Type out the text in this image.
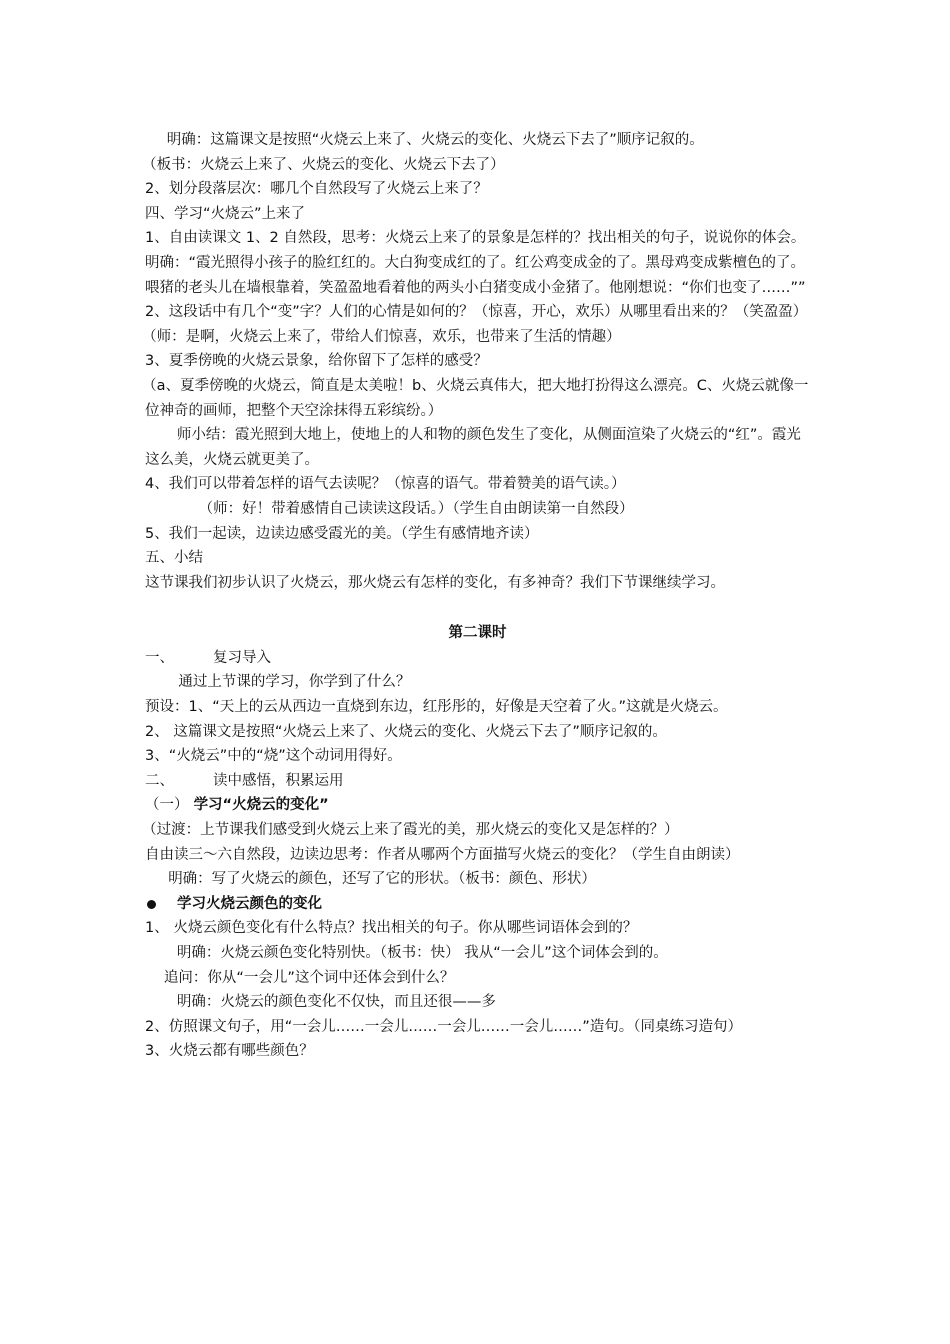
明确：这篇课文是按照“火烧云上来了、火烧云的变化、火烧云下去了”顺序记叙的。

（板书：火烧云上来了、火烧云的变化、火烧云下去了）

2、划分段落层次：哪几个自然段写了火烧云上来了？

四、学习“火烧云”上来了

1、自由读课文 1、2 自然段，思考：火烧云上来了的景象是怎样的？找出相关的句子，说说你的体会。

明确：“霞光照得小孩子的脸红红的。大白狗变成红的了。红公鸡变成金的了。黑母鸡变成紫檀色的了。喂猪的老头儿在墙根靠着，笑盈盈地看着他的两头小白猪变成小金猪了。他刚想说：“你们也变了……””

2、这段话中有几个“变”字？人们的心情是如何的？（惊喜，开心，欢乐）从哪里看出来的？（笑盈盈）

（师：是啊，火烧云上来了，带给人们惊喜，欢乐，也带来了生活的情趣）

3、夏季傍晚的火烧云景象，给你留下了怎样的感受？

（a、夏季傍晚的火烧云，简直是太美啦！b、火烧云真伟大，把大地打扮得这么漂亮。C、火烧云就像一位神奇的画师，把整个天空涂抹得五彩缤纷。）

师小结：霞光照到大地上，使地上的人和物的颜色发生了变化，从侧面渲染了火烧云的“红”。霞光这么美，火烧云就更美了。

4、我们可以带着怎样的语气去读呢？（惊喜的语气。带着赞美的语气读。）

（师：好！带着感情自己读读这段话。）（学生自由朗读第一自然段）

5、我们一起读，边读边感受霞光的美。（学生有感情地齐读）

五、小结

这节课我们初步认识了火烧云，那火烧云有怎样的变化，有多神奇？我们下节课继续学习。

第二课时

一、	复习导入

通过上节课的学习，你学到了什么？

预设：1、“天上的云从西边一直烧到东边，红彤彤的，好像是天空着了火。”这就是火烧云。

2、 这篇课文是按照“火烧云上来了、火烧云的变化、火烧云下去了”顺序记叙的。

3、“火烧云”中的“烧”这个动词用得好。

二、	读中感悟，积累运用

（一） 学习“火烧云的变化”

（过渡：上节课我们感受到火烧云上来了霞光的美，那火烧云的变化又是怎样的？）

自由读三～六自然段，边读边思考：作者从哪两个方面描写火烧云的变化？（学生自由朗读）

明确：写了火烧云的颜色，还写了它的形状。（板书：颜色、形状）

学习火烧云颜色的变化

1、 火烧云颜色变化有什么特点？找出相关的句子。你从哪些词语体会到的？

明确：火烧云颜色变化特别快。（板书：快） 我从“一会儿”这个词体会到的。

追问：你从“一会儿”这个词中还体会到什么？

明确：火烧云的颜色变化不仅快，而且还很——多

2、仿照课文句子，用“一会儿……一会儿……一会儿……一会儿……”造句。（同桌练习造句）

3、火烧云都有哪些颜色？
